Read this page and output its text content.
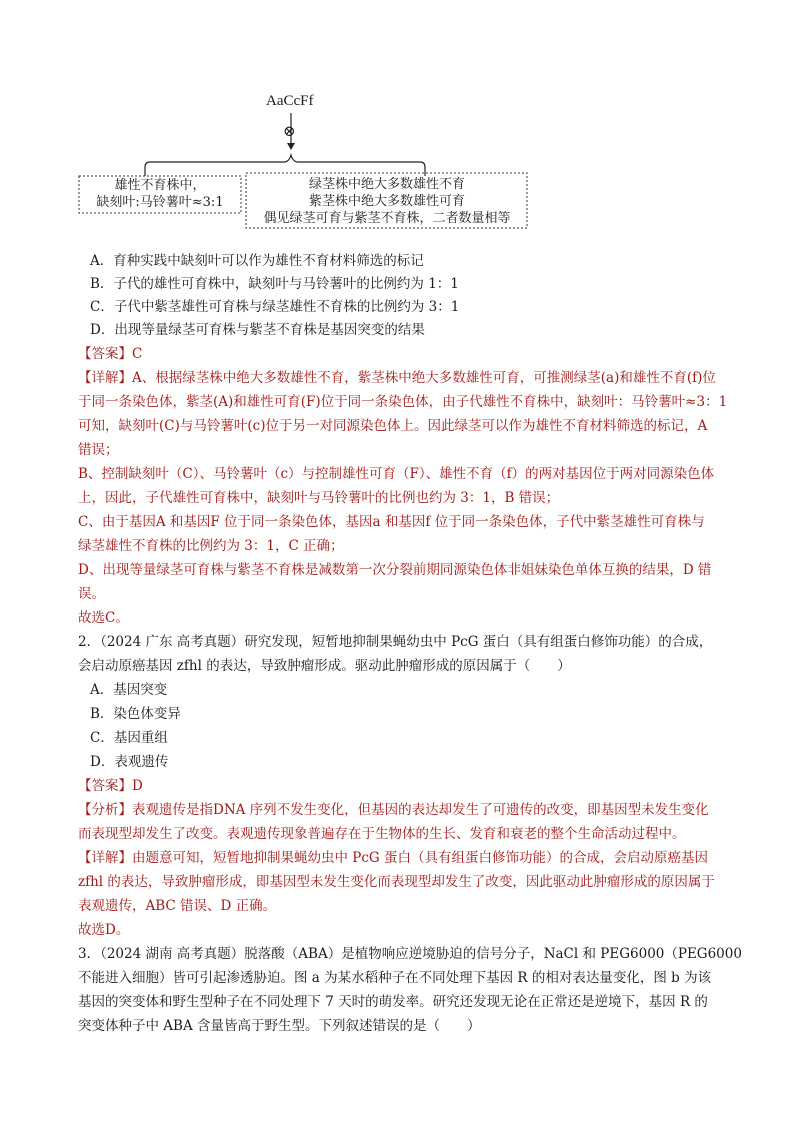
AaCcFf
⊗
雄性不育株中，
缺刻叶:马铃薯叶≈3:1
绿茎株中绝大多数雄性不育
紫茎株中绝大多数雄性可育
偶见绿茎可育与紫茎不育株，二者数量相等
A．育种实践中缺刻叶可以作为雄性不育材料筛选的标记
B．子代的雄性可育株中，缺刻叶与马铃薯叶的比例约为 1：1
C．子代中紫茎雄性可育株与绿茎雄性不育株的比例约为 3：1
D．出现等量绿茎可育株与紫茎不育株是基因突变的结果
【答案】C
【详解】A、根据绿茎株中绝大多数雄性不育，紫茎株中绝大多数雄性可育，可推测绿茎(a)和雄性不育(f)位
于同一条染色体，紫茎(A)和雄性可育(F)位于同一条染色体，由子代雄性不育株中，缺刻叶：马铃薯叶≈3：1
可知，缺刻叶(C)与马铃薯叶(c)位于另一对同源染色体上。因此绿茎可以作为雄性不育材料筛选的标记，A
错误；
B、控制缺刻叶（C）、马铃薯叶（c）与控制雄性可育（F）、雄性不育（f）的两对基因位于两对同源染色体
上，因此，子代雄性可育株中，缺刻叶与马铃薯叶的比例也约为 3：1，B 错误；
C、由于基因A 和基因F 位于同一条染色体，基因a 和基因f 位于同一条染色体，子代中紫茎雄性可育株与
绿茎雄性不育株的比例约为 3：1，C 正确；
D、出现等量绿茎可育株与紫茎不育株是减数第一次分裂前期同源染色体非姐妹染色单体互换的结果，D 错
误。
故选C。
2．（2024 广东 高考真题）研究发现，短暂地抑制果蝇幼虫中 PcG 蛋白（具有组蛋白修饰功能）的合成，
会启动原癌基因 zfhl 的表达，导致肿瘤形成。驱动此肿瘤形成的原因属于（　　）
A．基因突变
B．染色体变异
C．基因重组
D．表观遗传
【答案】D
【分析】表观遗传是指DNA 序列不发生变化，但基因的表达却发生了可遗传的改变，即基因型未发生变化
而表现型却发生了改变。表观遗传现象普遍存在于生物体的生长、发育和衰老的整个生命活动过程中。
【详解】由题意可知，短暂地抑制果蝇幼虫中 PcG 蛋白（具有组蛋白修饰功能）的合成，会启动原癌基因
zfhl 的表达，导致肿瘤形成，即基因型未发生变化而表现型却发生了改变，因此驱动此肿瘤形成的原因属于
表观遗传，ABC 错误、D 正确。
故选D。
3．（2024 湖南 高考真题）脱落酸（ABA）是植物响应逆境胁迫的信号分子，NaCl 和 PEG6000（PEG6000
不能进入细胞）皆可引起渗透胁迫。图 a 为某水稻种子在不同处理下基因 R 的相对表达量变化，图 b 为该
基因的突变体和野生型种子在不同处理下 7 天时的萌发率。研究还发现无论在正常还是逆境下，基因 R 的
突变体种子中 ABA 含量皆高于野生型。下列叙述错误的是（　　）
